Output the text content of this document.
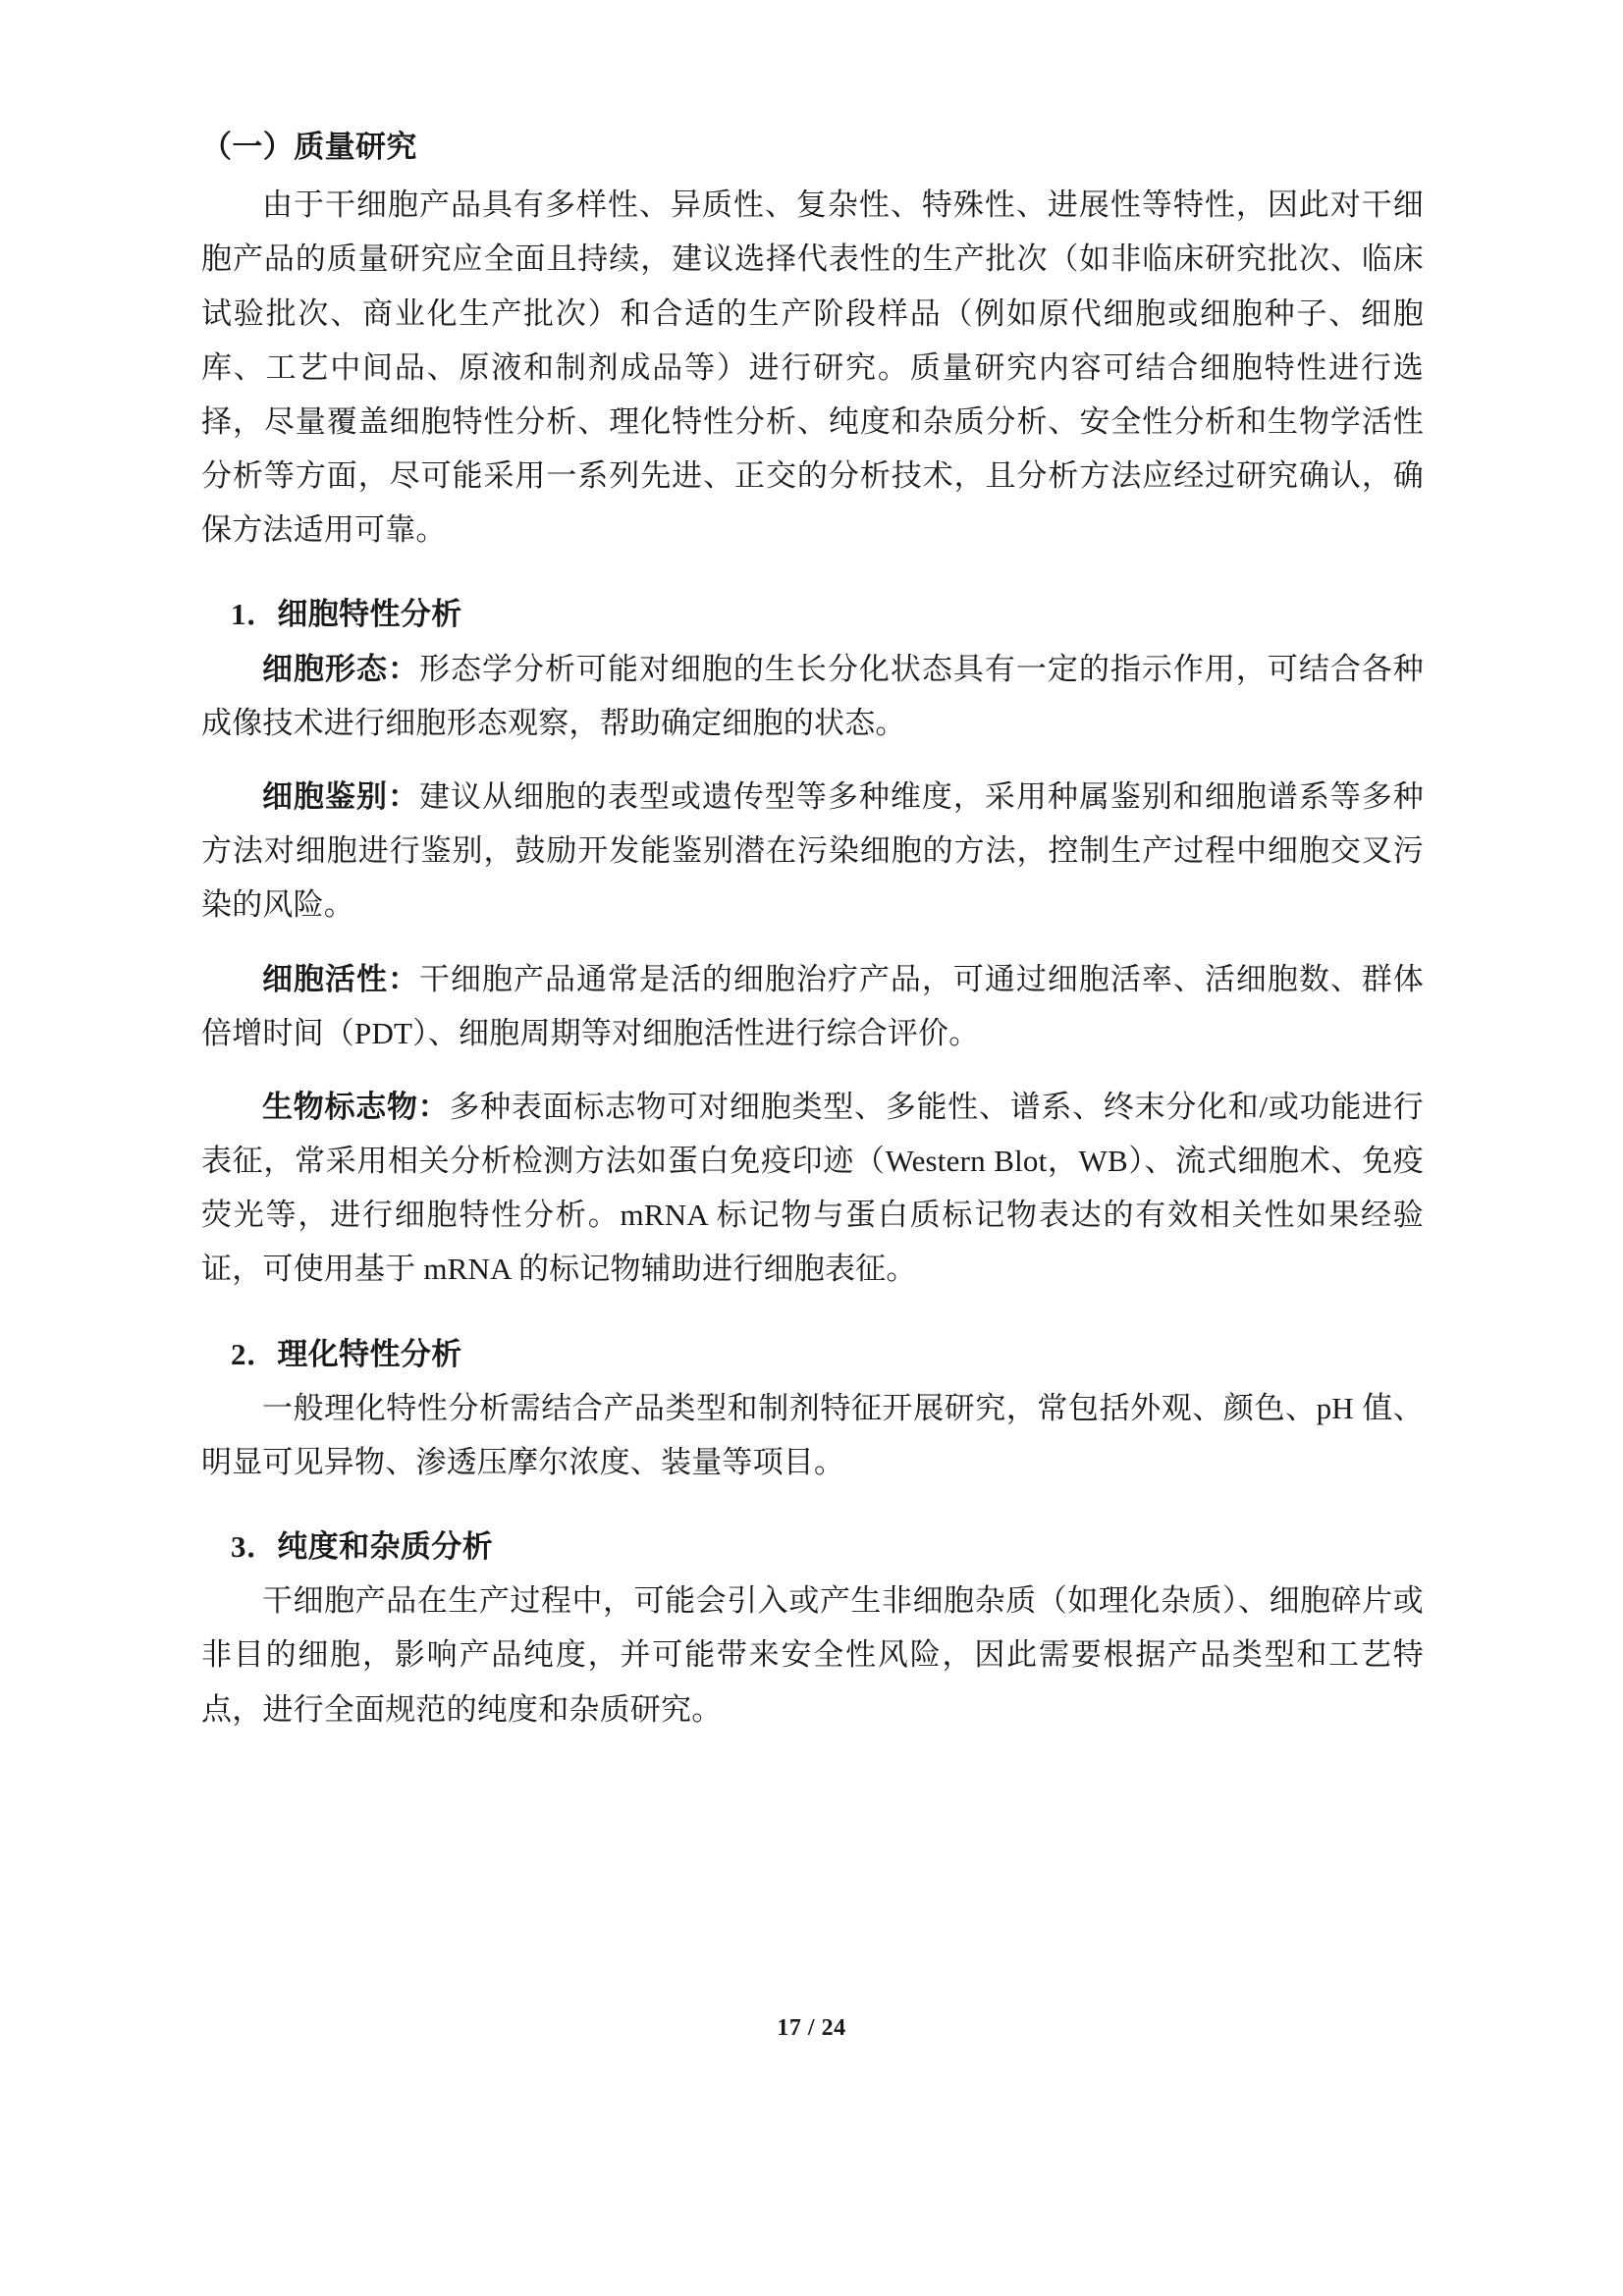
（一）质量研究

由于干细胞产品具有多样性、异质性、复杂性、特殊性、进展性等特性，因此对干细胞产品的质量研究应全面且持续，建议选择代表性的生产批次（如非临床研究批次、临床试验批次、商业化生产批次）和合适的生产阶段样品（例如原代细胞或细胞种子、细胞库、工艺中间品、原液和制剂成品等）进行研究。质量研究内容可结合细胞特性进行选择，尽量覆盖细胞特性分析、理化特性分析、纯度和杂质分析、安全性分析和生物学活性分析等方面，尽可能采用一系列先进、正交的分析技术，且分析方法应经过研究确认，确保方法适用可靠。

1．细胞特性分析

细胞形态：形态学分析可能对细胞的生长分化状态具有一定的指示作用，可结合各种成像技术进行细胞形态观察，帮助确定细胞的状态。

细胞鉴别：建议从细胞的表型或遗传型等多种维度，采用种属鉴别和细胞谱系等多种方法对细胞进行鉴别，鼓励开发能鉴别潜在污染细胞的方法，控制生产过程中细胞交叉污染的风险。

细胞活性：干细胞产品通常是活的细胞治疗产品，可通过细胞活率、活细胞数、群体倍增时间（PDT）、细胞周期等对细胞活性进行综合评价。

生物标志物：多种表面标志物可对细胞类型、多能性、谱系、终末分化和/或功能进行表征，常采用相关分析检测方法如蛋白免疫印迹（Western Blot，WB）、流式细胞术、免疫荧光等，进行细胞特性分析。mRNA 标记物与蛋白质标记物表达的有效相关性如果经验证，可使用基于 mRNA 的标记物辅助进行细胞表征。

2．理化特性分析

一般理化特性分析需结合产品类型和制剂特征开展研究，常包括外观、颜色、pH 值、明显可见异物、渗透压摩尔浓度、装量等项目。

3．纯度和杂质分析

干细胞产品在生产过程中，可能会引入或产生非细胞杂质（如理化杂质）、细胞碎片或非目的细胞，影响产品纯度，并可能带来安全性风险，因此需要根据产品类型和工艺特点，进行全面规范的纯度和杂质研究。

17 / 24
